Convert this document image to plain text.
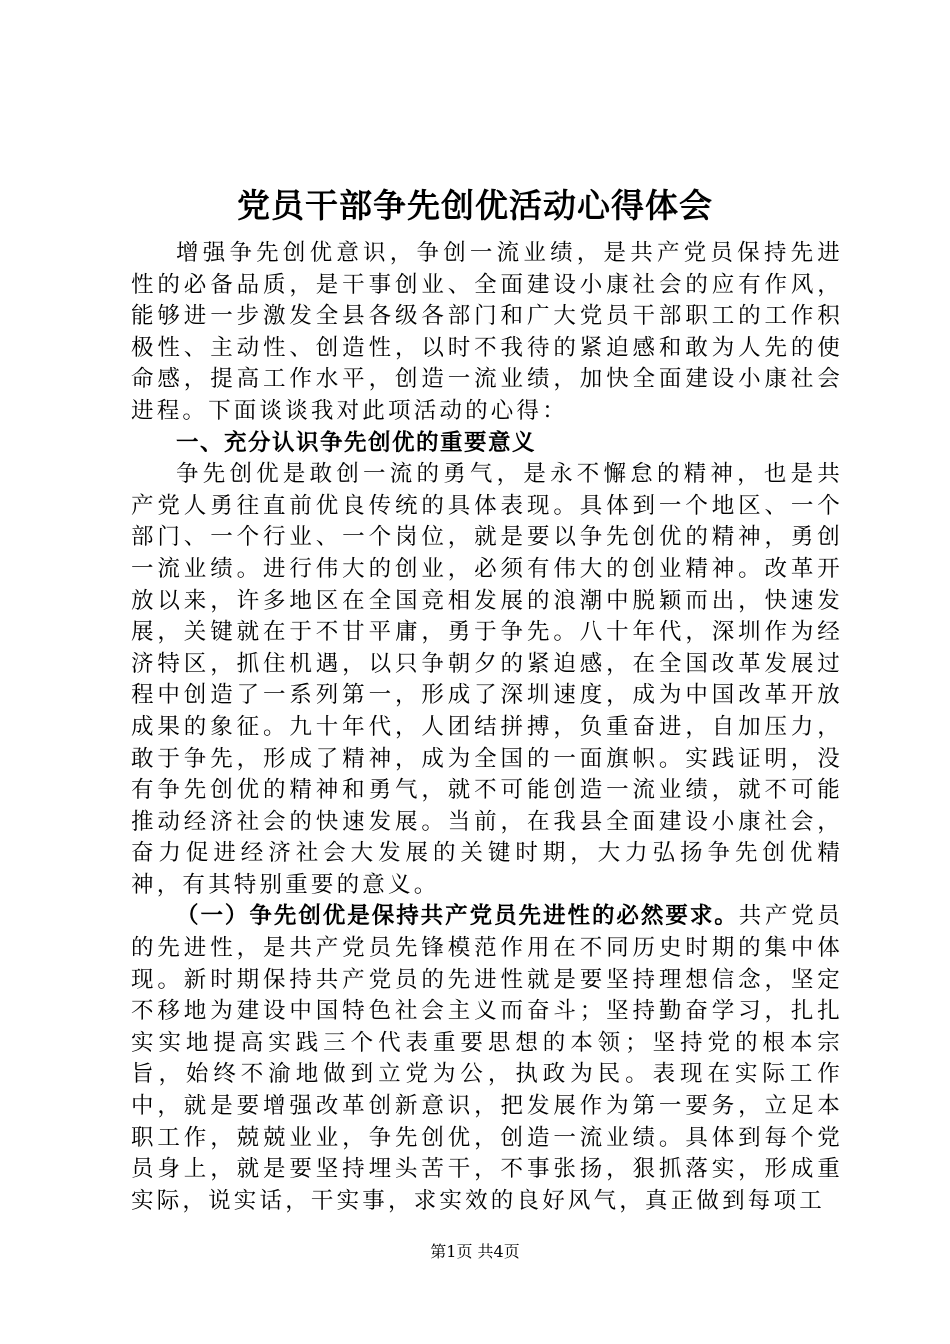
党员干部争先创优活动心得体会

增强争先创优意识，争创一流业绩，是共产党员保持先进性的必备品质，是干事创业、全面建设小康社会的应有作风，能够进一步激发全县各级各部门和广大党员干部职工的工作积极性、主动性、创造性，以时不我待的紧迫感和敢为人先的使命感，提高工作水平，创造一流业绩，加快全面建设小康社会进程。下面谈谈我对此项活动的心得：

一、充分认识争先创优的重要意义

争先创优是敢创一流的勇气，是永不懈怠的精神，也是共产党人勇往直前优良传统的具体表现。具体到一个地区、一个部门、一个行业、一个岗位，就是要以争先创优的精神，勇创一流业绩。进行伟大的创业，必须有伟大的创业精神。改革开放以来，许多地区在全国竞相发展的浪潮中脱颖而出，快速发展，关键就在于不甘平庸，勇于争先。八十年代，深圳作为经济特区，抓住机遇，以只争朝夕的紧迫感，在全国改革发展过程中创造了一系列第一，形成了深圳速度，成为中国改革开放成果的象征。九十年代，人团结拼搏，负重奋进，自加压力，敢于争先，形成了精神，成为全国的一面旗帜。实践证明，没有争先创优的精神和勇气，就不可能创造一流业绩，就不可能推动经济社会的快速发展。当前，在我县全面建设小康社会，奋力促进经济社会大发展的关键时期，大力弘扬争先创优精神，有其特别重要的意义。

（一）争先创优是保持共产党员先进性的必然要求。共产党员的先进性，是共产党员先锋模范作用在不同历史时期的集中体现。新时期保持共产党员的先进性就是要坚持理想信念，坚定不移地为建设中国特色社会主义而奋斗；坚持勤奋学习，扎扎实实地提高实践三个代表重要思想的本领；坚持党的根本宗旨，始终不渝地做到立党为公，执政为民。表现在实际工作中，就是要增强改革创新意识，把发展作为第一要务，立足本职工作，兢兢业业，争先创优，创造一流业绩。具体到每个党员身上，就是要坚持埋头苦干，不事张扬，狠抓落实，形成重实际，说实话，干实事，求实效的良好风气，真正做到每项工

第1页 共4页
